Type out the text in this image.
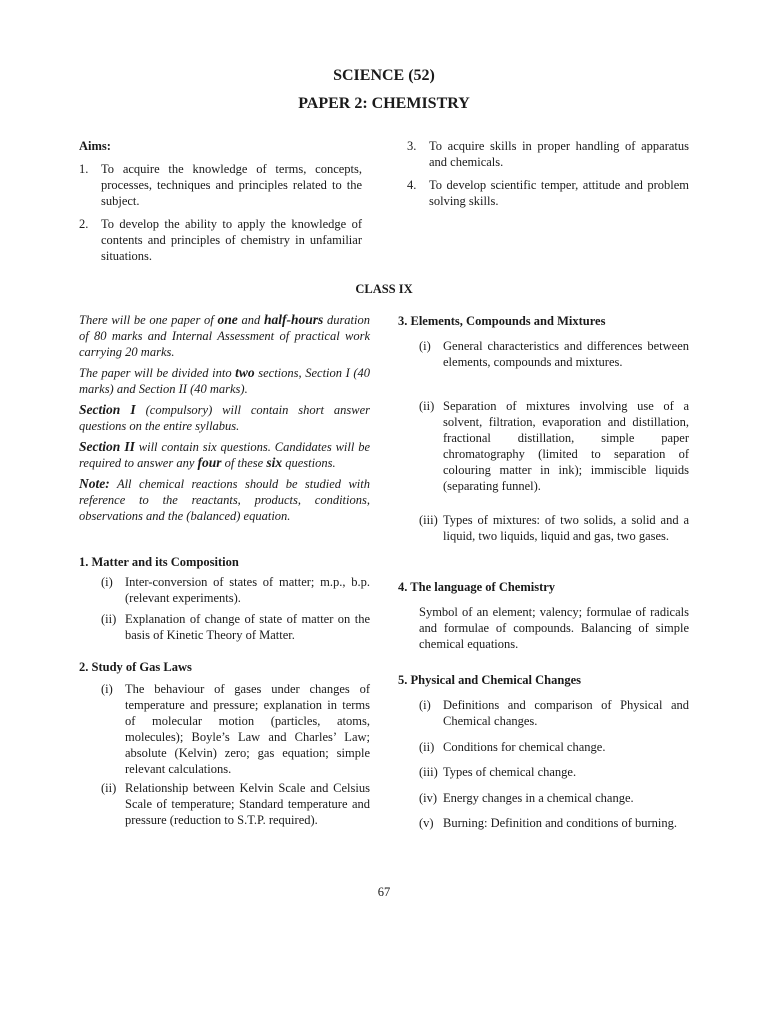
SCIENCE (52)
PAPER 2: CHEMISTRY
Aims:
1. To acquire the knowledge of terms, concepts, processes, techniques and principles related to the subject.
2. To develop the ability to apply the knowledge of contents and principles of chemistry in unfamiliar situations.
3. To acquire skills in proper handling of apparatus and chemicals.
4. To develop scientific temper, attitude and problem solving skills.
CLASS IX
There will be one paper of one and half-hours duration of 80 marks and Internal Assessment of practical work carrying 20 marks.
The paper will be divided into two sections, Section I (40 marks) and Section II (40 marks).
Section I (compulsory) will contain short answer questions on the entire syllabus.
Section II will contain six questions. Candidates will be required to answer any four of these six questions.
Note: All chemical reactions should be studied with reference to the reactants, products, conditions, observations and the (balanced) equation.
1. Matter and its Composition
(i) Inter-conversion of states of matter; m.p., b.p. (relevant experiments).
(ii) Explanation of change of state of matter on the basis of Kinetic Theory of Matter.
2. Study of Gas Laws
(i) The behaviour of gases under changes of temperature and pressure; explanation in terms of molecular motion (particles, atoms, molecules); Boyle’s Law and Charles’ Law; absolute (Kelvin) zero; gas equation; simple relevant calculations.
(ii) Relationship between Kelvin Scale and Celsius Scale of temperature; Standard temperature and pressure (reduction to S.T.P. required).
3. Elements, Compounds and Mixtures
(i) General characteristics and differences between elements, compounds and mixtures.
(ii) Separation of mixtures involving use of a solvent, filtration, evaporation and distillation, fractional distillation, simple paper chromatography (limited to separation of colouring matter in ink); immiscible liquids (separating funnel).
(iii) Types of mixtures: of two solids, a solid and a liquid, two liquids, liquid and gas, two gases.
4. The language of Chemistry
Symbol of an element; valency; formulae of radicals and formulae of compounds. Balancing of simple chemical equations.
5. Physical and Chemical Changes
(i) Definitions and comparison of Physical and Chemical changes.
(ii) Conditions for chemical change.
(iii) Types of chemical change.
(iv) Energy changes in a chemical change.
(v) Burning: Definition and conditions of burning.
67
